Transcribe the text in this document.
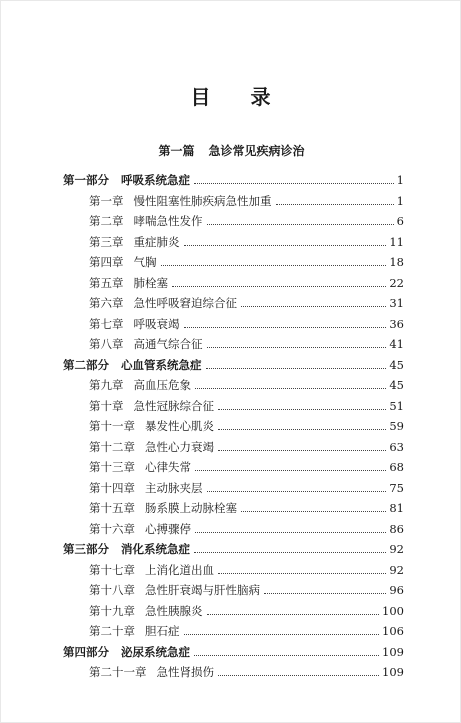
目 录
第一篇 急诊常见疾病诊治
第一部分 呼吸系统急症	1
第一章 慢性阻塞性肺疾病急性加重	1
第二章 哮喘急性发作	6
第三章 重症肺炎	11
第四章 气胸	18
第五章 肺栓塞	22
第六章 急性呼吸窘迫综合征	31
第七章 呼吸衰竭	36
第八章 高通气综合征	41
第二部分 心血管系统急症	45
第九章 高血压危象	45
第十章 急性冠脉综合征	51
第十一章 暴发性心肌炎	59
第十二章 急性心力衰竭	63
第十三章 心律失常	68
第十四章 主动脉夹层	75
第十五章 肠系膜上动脉栓塞	81
第十六章 心搏骤停	86
第三部分 消化系统急症	92
第十七章 上消化道出血	92
第十八章 急性肝衰竭与肝性脑病	96
第十九章 急性胰腺炎	100
第二十章 胆石症	106
第四部分 泌尿系统急症	109
第二十一章 急性肾损伤	109
